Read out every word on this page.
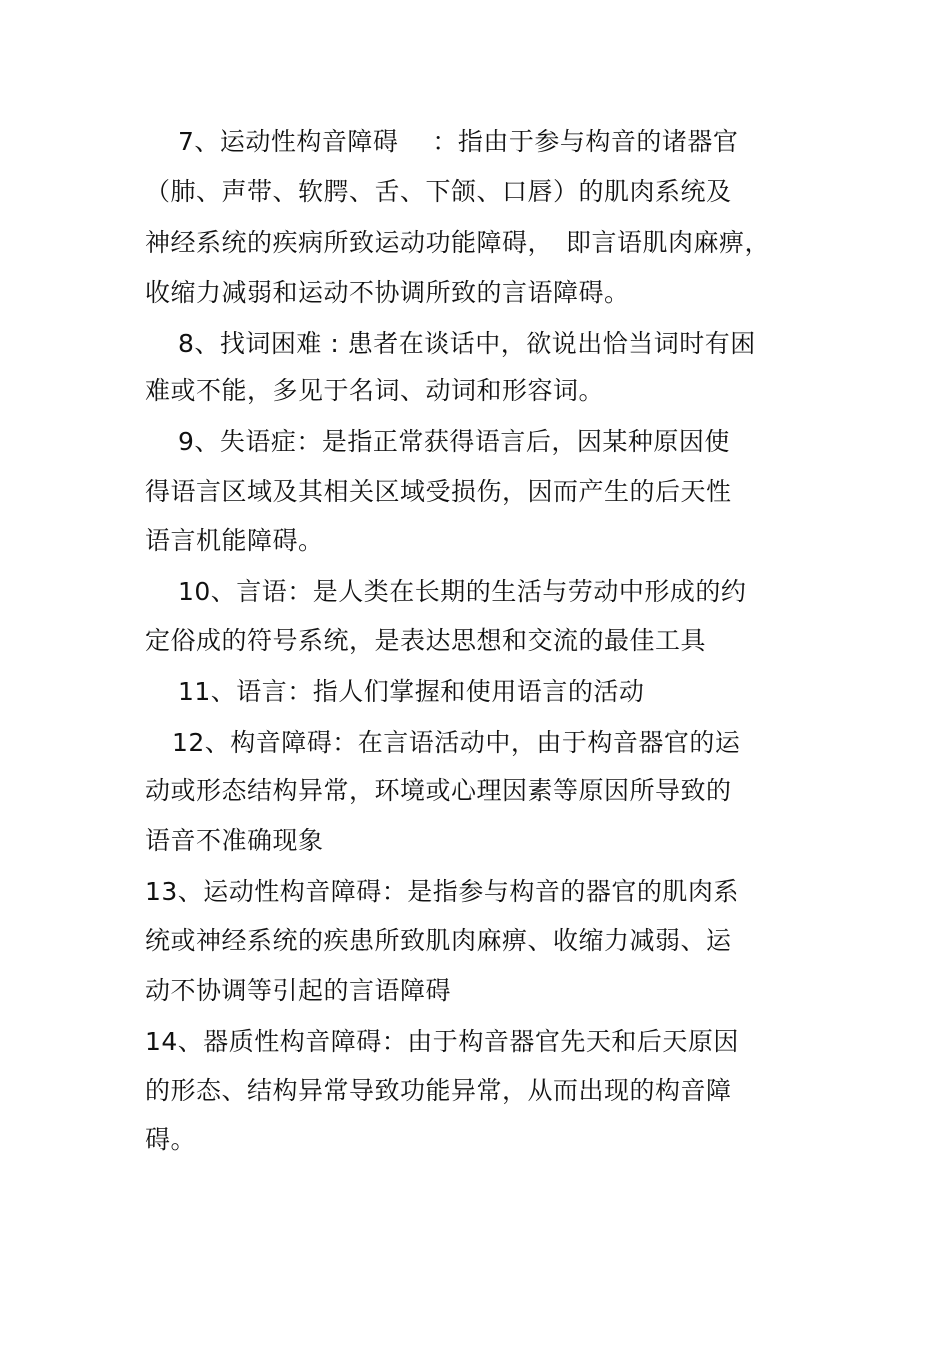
7、运动性构音障碍　 ：指由于参与构音的诸器官
（肺、声带、软腭、舌、下颌、口唇）的肌肉系统及
神经系统的疾病所致运动功能障碍，　即言语肌肉麻痹，
收缩力减弱和运动不协调所致的言语障碍。
8、找词困难 : 患者在谈话中，欲说出恰当词时有困
难或不能，多见于名词、动词和形容词。
9、失语症：是指正常获得语言后，因某种原因使
得语言区域及其相关区域受损伤，因而产生的后天性
语言机能障碍。
10、言语：是人类在长期的生活与劳动中形成的约
定俗成的符号系统，是表达思想和交流的最佳工具
11、语言：指人们掌握和使用语言的活动
12、构音障碍：在言语活动中，由于构音器官的运
动或形态结构异常，环境或心理因素等原因所导致的
语音不准确现象
13、运动性构音障碍：是指参与构音的器官的肌肉系
统或神经系统的疾患所致肌肉麻痹、收缩力减弱、运
动不协调等引起的言语障碍
14、器质性构音障碍：由于构音器官先天和后天原因
的形态、结构异常导致功能异常，从而出现的构音障
碍。
